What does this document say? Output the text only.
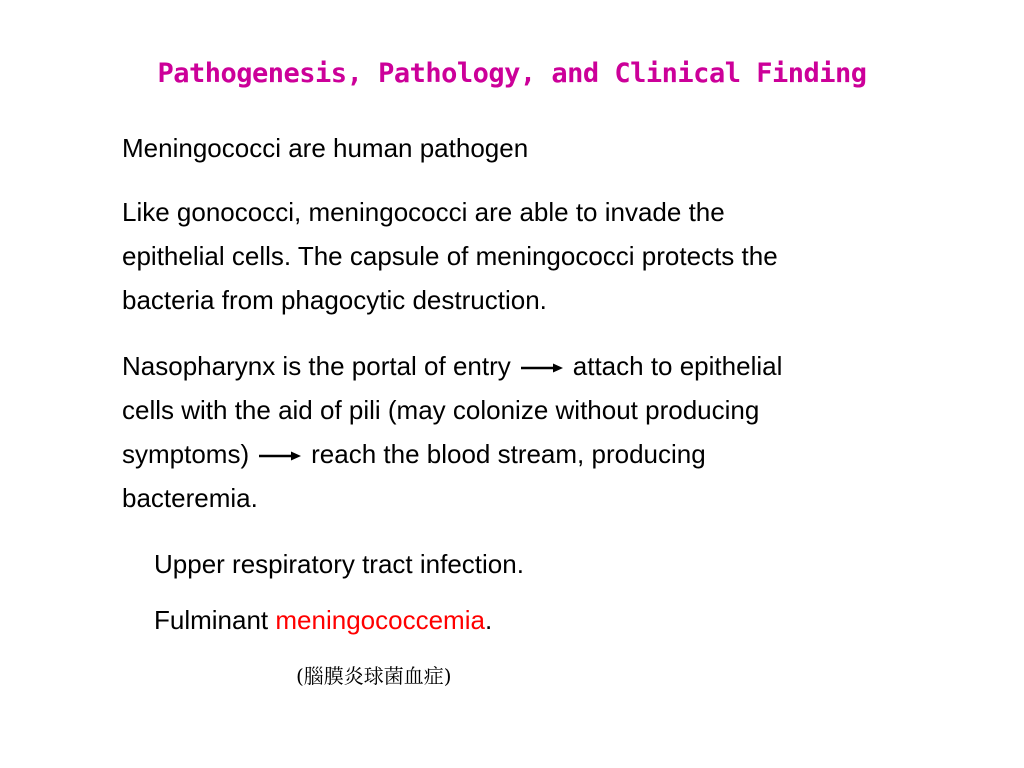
Pathogenesis, Pathology, and Clinical Finding
Meningococci are human pathogen
Like gonococci, meningococci are able to invade the
epithelial cells. The capsule of meningococci protects the
bacteria from phagocytic destruction.
Nasopharynx is the portal of entry attach to epithelial
cells with the aid of pili (may colonize without producing
symptoms) reach the blood stream, producing
bacteremia.
Upper respiratory tract infection.
Fulminant meningococcemia.
(腦膜炎球菌血症)
